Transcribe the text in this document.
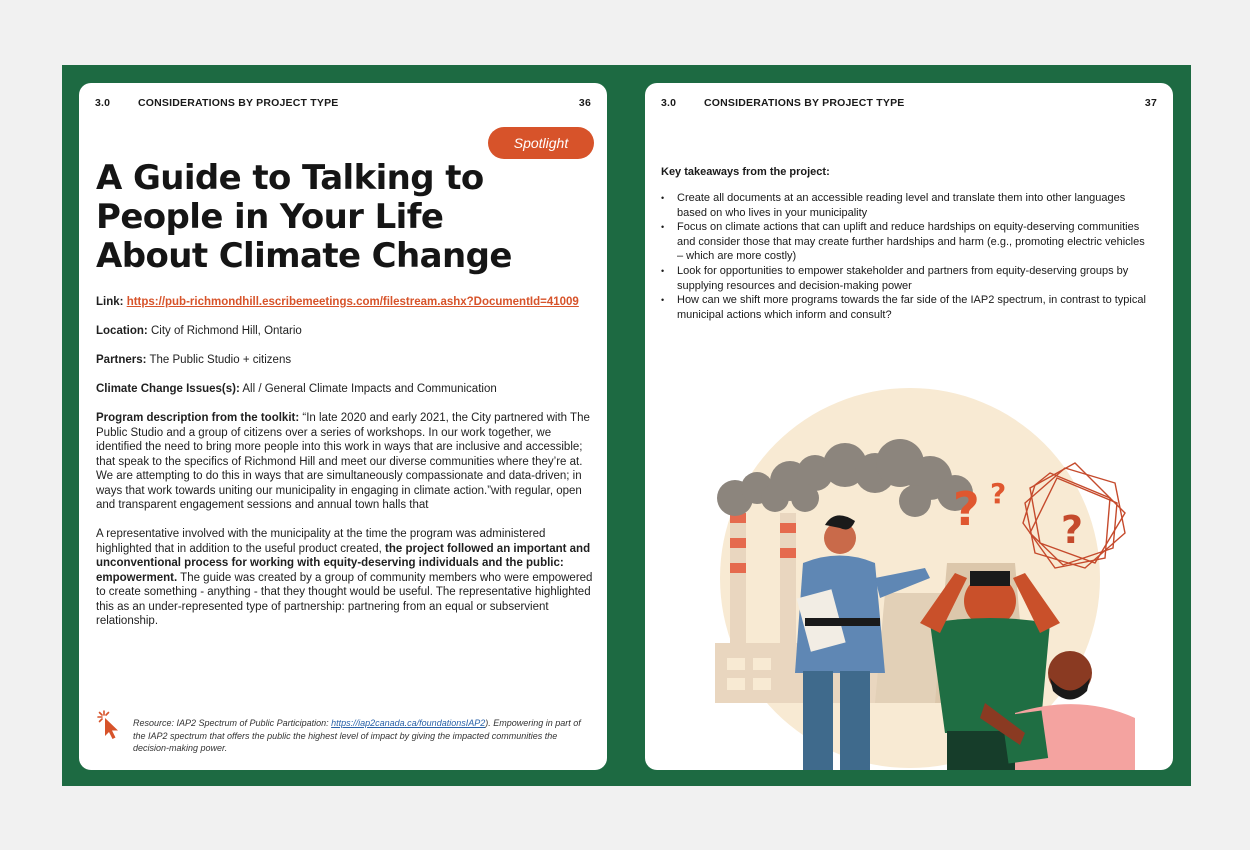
3.0	CONSIDERATIONS BY PROJECT TYPE	36
Spotlight
A Guide to Talking to People in Your Life About Climate Change

Link: https://pub-richmondhill.escribemeetings.com/filestream.ashx?DocumentId=41009

Location: City of Richmond Hill, Ontario

Partners: The Public Studio + citizens

Climate Change Issues(s): All / General Climate Impacts and Communication

Program description from the toolkit: “In late 2020 and early 2021, the City partnered with The Public Studio and a group of citizens over a series of workshops. In our work together, we identified the need to bring more people into this work in ways that are inclusive and accessible; that speak to the specifics of Richmond Hill and meet our diverse communities where they’re at. We are attempting to do this in ways that are simultaneously compassionate and data-driven; in ways that work towards uniting our municipality in engaging in climate action.”with regular, open and transparent engagement sessions and annual town halls that

A representative involved with the municipality at the time the program was administered highlighted that in addition to the useful product created, the project followed an important and unconventional process for working with equity-deserving individuals and the public: empowerment. The guide was created by a group of community members who were empowered to create something - anything - that they thought would be useful. The representative highlighted this as an under-represented type of partnership: partnering from an equal or subservient relationship.

Resource: IAP2 Spectrum of Public Participation: https://iap2canada.ca/foundationsIAP2). Empowering in part of the IAP2 spectrum that offers the public the highest level of impact by giving the impacted communities the decision-making power.
3.0	CONSIDERATIONS BY PROJECT TYPE	37
Key takeaways from the project:
• Create all documents at an accessible reading level and translate them into other languages based on who lives in your municipality
• Focus on climate actions that can uplift and reduce hardships on equity-deserving communities and consider those that may create further hardships and harm (e.g., promoting electric vehicles – which are more costly)
• Look for opportunities to empower stakeholder and partners from equity-deserving groups by supplying resources and decision-making power
• How can we shift more programs towards the far side of the IAP2 spectrum, in contrast to typical municipal actions which inform and consult?
? ?
?
